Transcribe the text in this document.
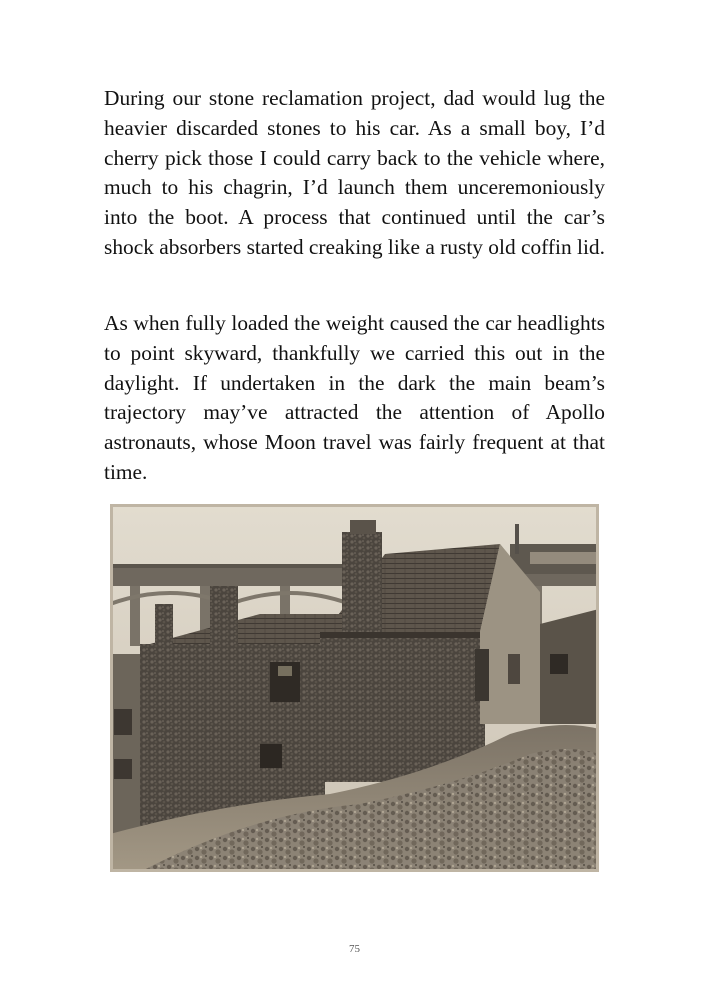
During our stone reclamation project, dad would lug the heavier discarded stones to his car. As a small boy, I’d cherry pick those I could carry back to the vehicle where, much to his chagrin, I’d launch them unceremoniously into the boot. A process that continued until the car’s shock absorbers started creaking like a rusty old coffin lid.

As when fully loaded the weight caused the car headlights to point skyward, thankfully we carried this out in the daylight. If undertaken in the dark the main beam’s trajectory may’ve attracted the attention of Apollo astronauts, whose Moon travel was fairly frequent at that time.

75
